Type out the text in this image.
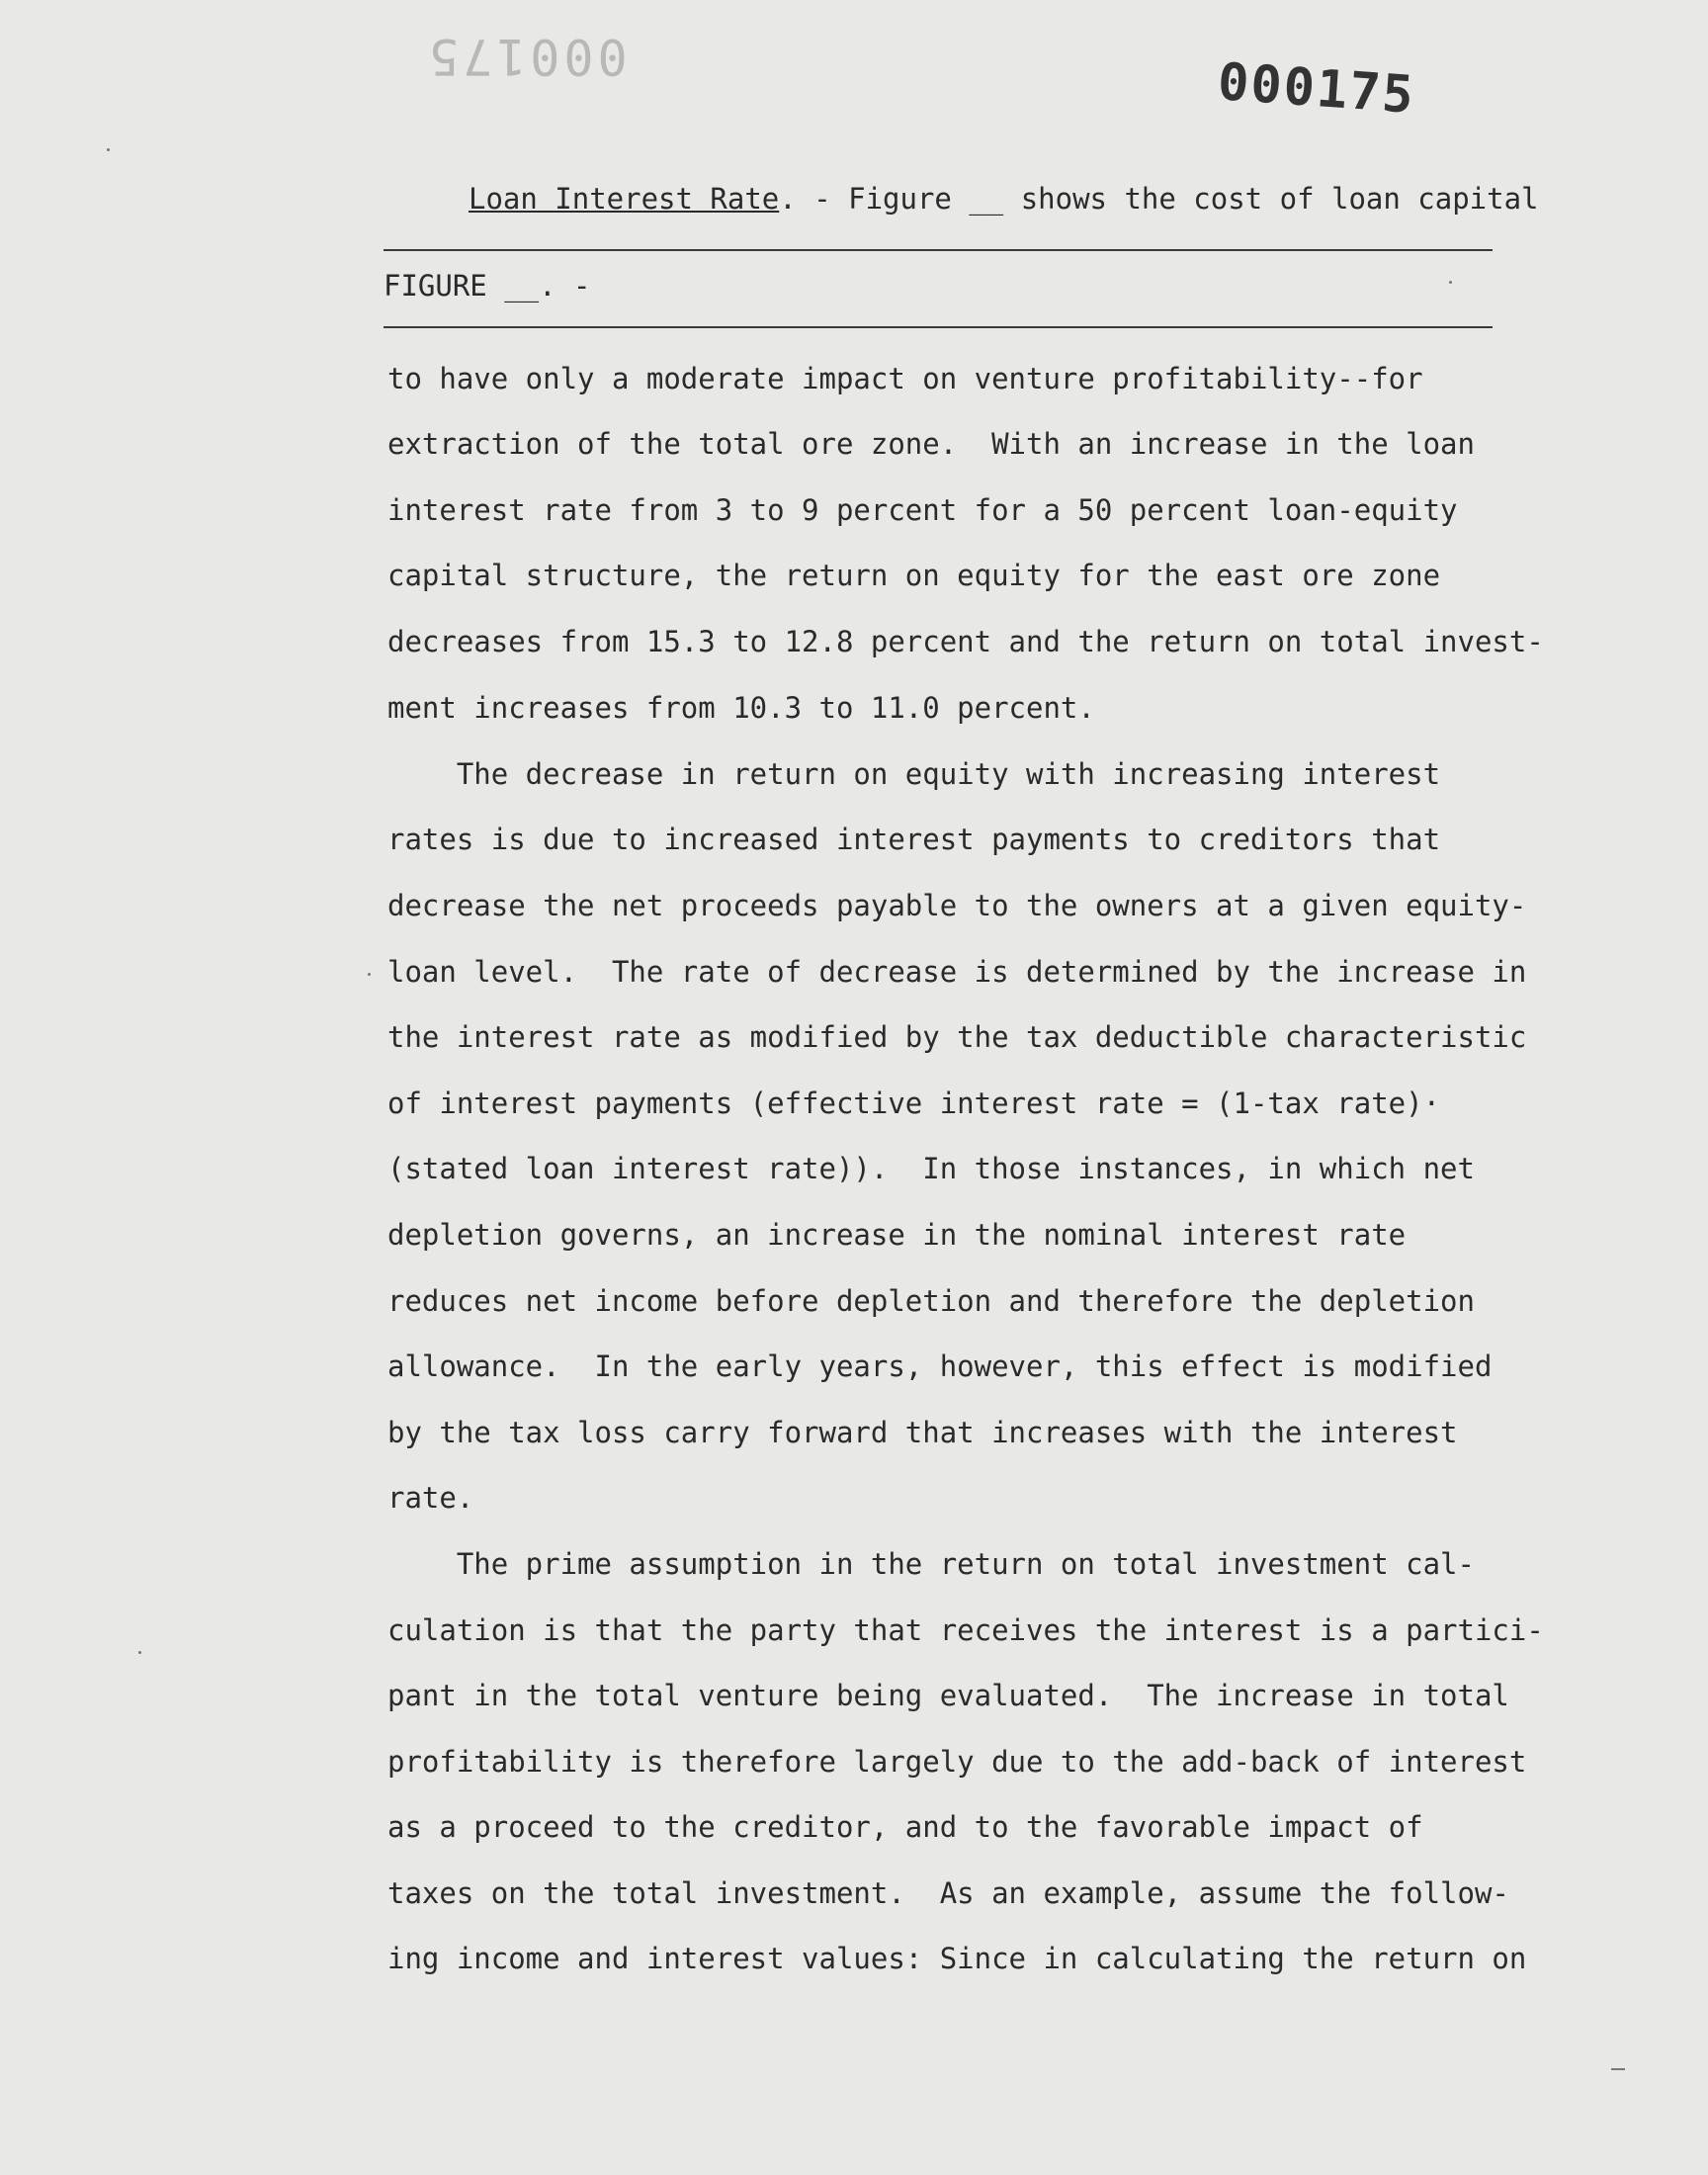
000175	000175
Loan Interest Rate. - Figure __ shows the cost of loan capital
FIGURE __. -
to have only a moderate impact on venture profitability--for
extraction of the total ore zone.  With an increase in the loan
interest rate from 3 to 9 percent for a 50 percent loan-equity
capital structure, the return on equity for the east ore zone
decreases from 15.3 to 12.8 percent and the return on total invest-
ment increases from 10.3 to 11.0 percent.
The decrease in return on equity with increasing interest
rates is due to increased interest payments to creditors that
decrease the net proceeds payable to the owners at a given equity-
loan level.  The rate of decrease is determined by the increase in
the interest rate as modified by the tax deductible characteristic
of interest payments (effective interest rate = (1-tax rate)·
(stated loan interest rate)).  In those instances, in which net
depletion governs, an increase in the nominal interest rate
reduces net income before depletion and therefore the depletion
allowance.  In the early years, however, this effect is modified
by the tax loss carry forward that increases with the interest
rate.
The prime assumption in the return on total investment cal-
culation is that the party that receives the interest is a partici-
pant in the total venture being evaluated.  The increase in total
profitability is therefore largely due to the add-back of interest
as a proceed to the creditor, and to the favorable impact of
taxes on the total investment.  As an example, assume the follow-
ing income and interest values: Since in calculating the return on
